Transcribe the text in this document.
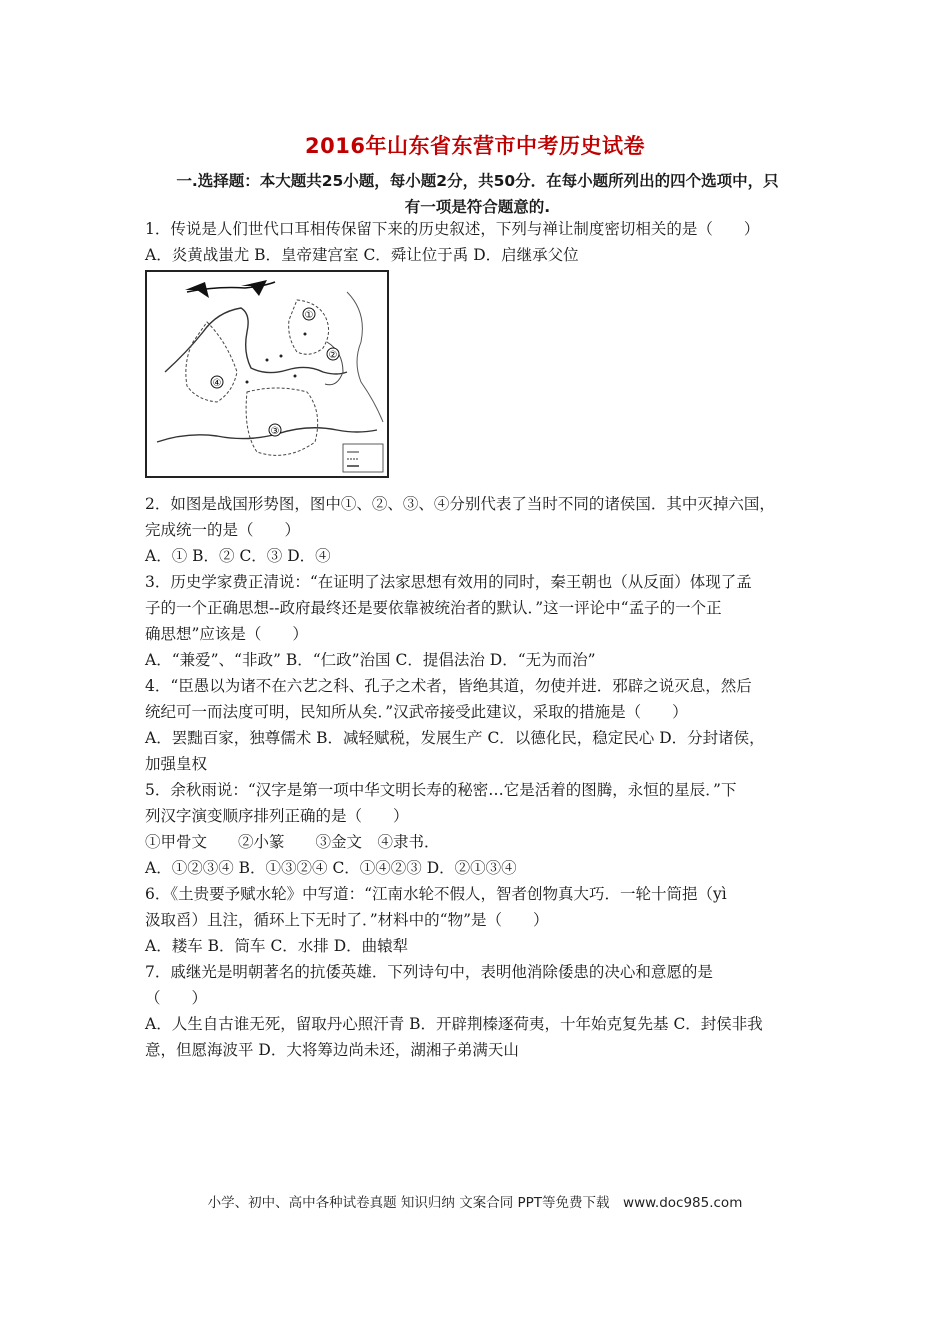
2016年山东省东营市中考历史试卷
一.选择题：本大题共25小题，每小题2分，共50分．在每小题所列出的四个选项中，只
有一项是符合题意的.
1．传说是人们世代口耳相传保留下来的历史叙述，下列与禅让制度密切相关的是（　　）
A．炎黄战蚩尤 B．皇帝建宫室 C．舜让位于禹 D．启继承父位
①
②
③
④
2．如图是战国形势图，图中①、②、③、④分别代表了当时不同的诸侯国．其中灭掉六国，
完成统一的是（　　）
A．① B．② C．③ D．④
3．历史学家费正清说：“在证明了法家思想有效用的同时，秦王朝也（从反面）体现了孟
子的一个正确思想--政府最终还是要依靠被统治者的默认．”这一评论中“孟子的一个正
确思想”应该是（　　）
A．“兼爱”、“非政” B．“仁政”治国 C．提倡法治 D．“无为而治”
4．“臣愚以为诸不在六艺之科、孔子之术者，皆绝其道，勿使并进．邪辟之说灭息，然后
统纪可一而法度可明，民知所从矣．”汉武帝接受此建议，采取的措施是（　　）
A．罢黜百家，独尊儒术 B．减轻赋税，发展生产 C．以德化民，稳定民心 D．分封诸侯，
加强皇权
5．余秋雨说：“汉字是第一项中华文明长寿的秘密…它是活着的图腾，永恒的星辰．”下
列汉字演变顺序排列正确的是（　　）
①甲骨文　　②小篆　　③金文　④隶书．
A．①②③④ B．①③②④ C．①④②③ D．②①③④
6．《土贵要予赋水轮》中写道：“江南水轮不假人，智者创物真大巧．一轮十筒挹（yì
汲取舀）且注，循环上下无时了．”材料中的“物”是（　　）
A．耧车 B．筒车 C．水排 D．曲辕犁
7．戚继光是明朝著名的抗倭英雄．下列诗句中，表明他消除倭患的决心和意愿的是
（　　）
A．人生自古谁无死，留取丹心照汗青 B．开辟荆榛逐荷夷，十年始克复先基 C．封侯非我
意，但愿海波平 D．大将筹边尚未还，湖湘子弟满天山
小学、初中、高中各种试卷真题 知识归纳 文案合同 PPT等免费下载　www.doc985.com
